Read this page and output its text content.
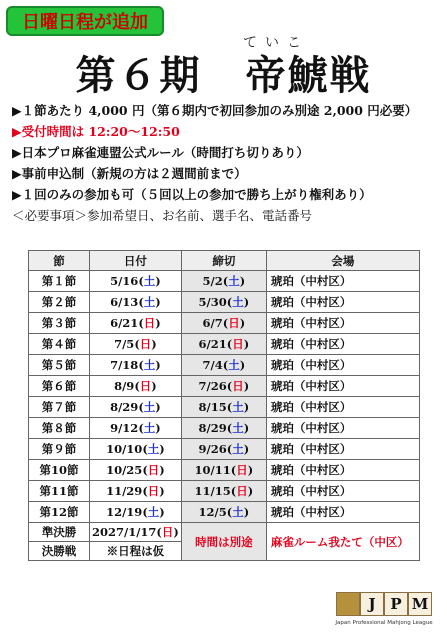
日曜日程が追加
ていこ
第６期 帝鯱戦
▶１節あたり 4,000 円（第６期内で初回参加のみ別途 2,000 円必要）
▶受付時間は 12:20～12:50
▶日本プロ麻雀連盟公式ルール（時間打ち切りあり）
▶事前申込制（新規の方は２週間前まで）
▶１回のみの参加も可（５回以上の参加で勝ち上がり権利あり）
＜必要事項＞参加希望日、お名前、選手名、電話番号
節	日付	締切	会場
第１節	5/16(土)	5/2(土)	琥珀（中村区）
第２節	6/13(土)	5/30(土)	琥珀（中村区）
第３節	6/21(日)	6/7(日)	琥珀（中村区）
第４節	7/5(日)	6/21(日)	琥珀（中村区）
第５節	7/18(土)	7/4(土)	琥珀（中村区）
第６節	8/9(日)	7/26(日)	琥珀（中村区）
第７節	8/29(土)	8/15(土)	琥珀（中村区）
第８節	9/12(土)	8/29(土)	琥珀（中村区）
第９節	10/10(土)	9/26(土)	琥珀（中村区）
第10節	10/25(日)	10/11(日)	琥珀（中村区）
第11節	11/29(日)	11/15(日)	琥珀（中村区）
第12節	12/19(土)	12/5(土)	琥珀（中村区）
準決勝	2027/1/17(日)	時間は別途	麻雀ルーム我たて（中区）
決勝戦	※日程は仮		
◆ J P M
Japan Professional Mahjong League
